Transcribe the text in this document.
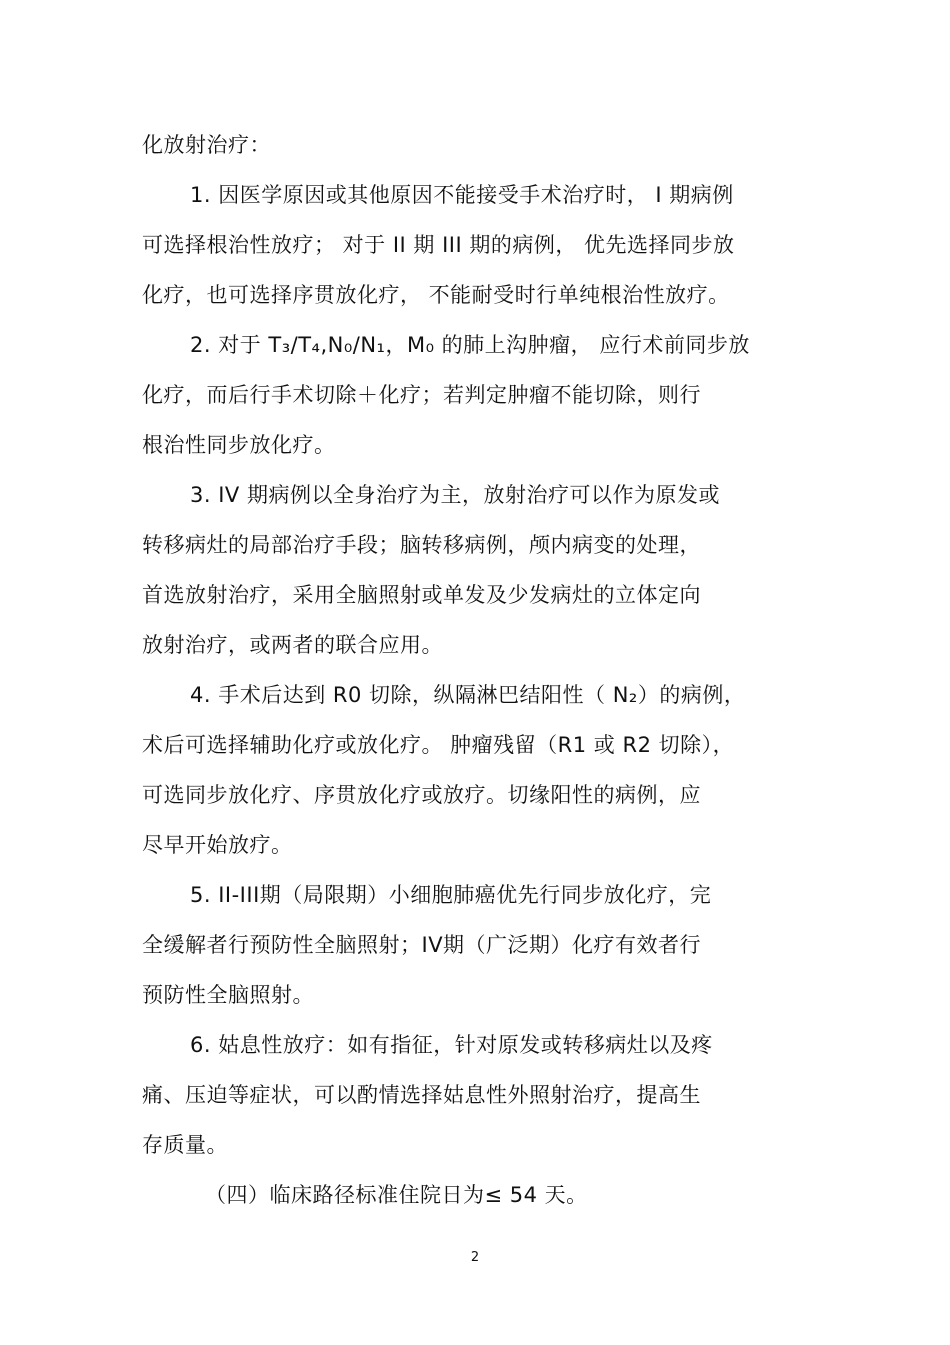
化放射治疗：
1. 因医学原因或其他原因不能接受手术治疗时， I 期病例
可选择根治性放疗； 对于 II 期 III 期的病例， 优先选择同步放
化疗，也可选择序贯放化疗， 不能耐受时行单纯根治性放疗。
2. 对于 T₃/T₄,N₀/N₁，M₀ 的肺上沟肿瘤， 应行术前同步放
化疗，而后行手术切除＋化疗；若判定肿瘤不能切除，则行
根治性同步放化疗。
3. IV 期病例以全身治疗为主，放射治疗可以作为原发或
转移病灶的局部治疗手段；脑转移病例，颅内病变的处理，
首选放射治疗，采用全脑照射或单发及少发病灶的立体定向
放射治疗，或两者的联合应用。
4. 手术后达到 R0 切除，纵隔淋巴结阳性（ N₂）的病例，
术后可选择辅助化疗或放化疗。 肿瘤残留（R1 或 R2 切除），
可选同步放化疗、序贯放化疗或放疗。切缘阳性的病例，应
尽早开始放疗。
5. II-III期（局限期）小细胞肺癌优先行同步放化疗，完
全缓解者行预防性全脑照射；IV期（广泛期）化疗有效者行
预防性全脑照射。
6. 姑息性放疗：如有指征，针对原发或转移病灶以及疼
痛、压迫等症状，可以酌情选择姑息性外照射治疗，提高生
存质量。
（四）临床路径标准住院日为≤ 54 天。
2
